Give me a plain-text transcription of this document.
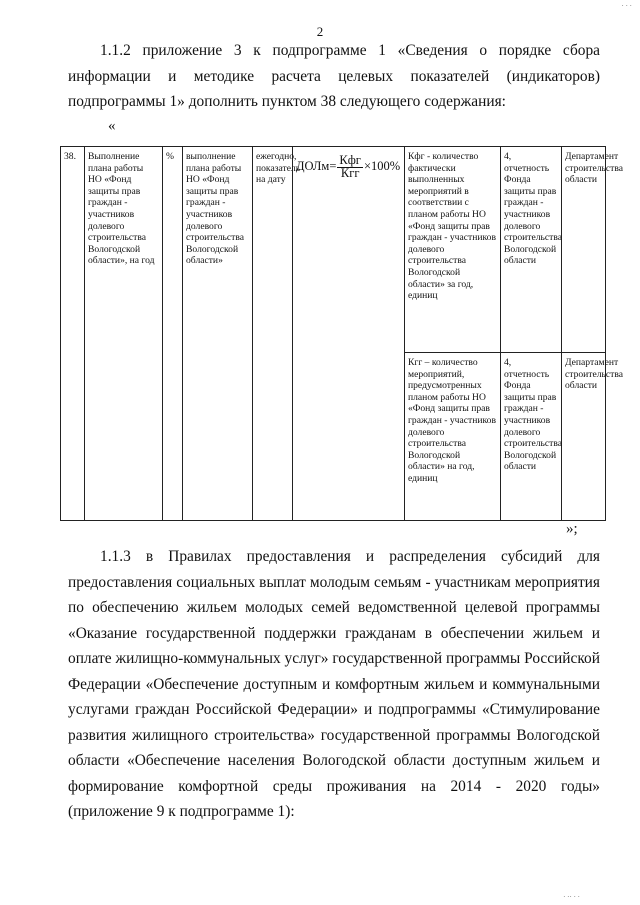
· · ·
2

1.1.2 приложение 3 к подпрограмме 1 «Сведения о порядке сбора информации и методике расчета целевых показателей (индикаторов) подпрограммы 1» дополнить пунктом 38 следующего содержания:

«
38.	Выполнение плана работы НО «Фонд защиты прав граждан - участников долевого строительства Вологодской области», на год	%	выполнение плана работы НО «Фонд защиты прав граждан - участников долевого строительства Вологодской области»	ежегодно, показатель на дату	ДОЛм= $\frac{\text{Кфг}}{\text{Кгг}} \times 100\%$	Кфг - количество фактически выполненных мероприятий в соответствии с планом работы НО «Фонд защиты прав граждан - участников долевого строительства Вологодской области» за год, единиц	4, отчетность Фонда защиты прав граждан - участников долевого строительства Вологодской области	Департамент строительства области
						Кгг – количество мероприятий, предусмотренных планом работы НО «Фонд защиты прав граждан - участников долевого строительства Вологодской области» на год, единиц	4, отчетность Фонда защиты прав граждан - участников долевого строительства Вологодской области	Департамент строительства области
»;

1.1.3 в Правилах предоставления и распределения субсидий для предоставления социальных выплат молодым семьям - участникам мероприятия по обеспечению жильем молодых семей ведомственной целевой программы «Оказание государственной поддержки гражданам в обеспечении жильем и оплате жилищно-коммунальных услуг» государственной программы Российской Федерации «Обеспечение доступным и комфортным жильем и коммунальными услугами граждан Российской Федерации» и подпрограммы «Стимулирование развития жилищного строительства» государственной программы Вологодской области «Обеспечение населения Вологодской области доступным жильем и формирование комфортной среды проживания на 2014 - 2020 годы» (приложение 9 к подпрограмме 1):

· ·· · ·
